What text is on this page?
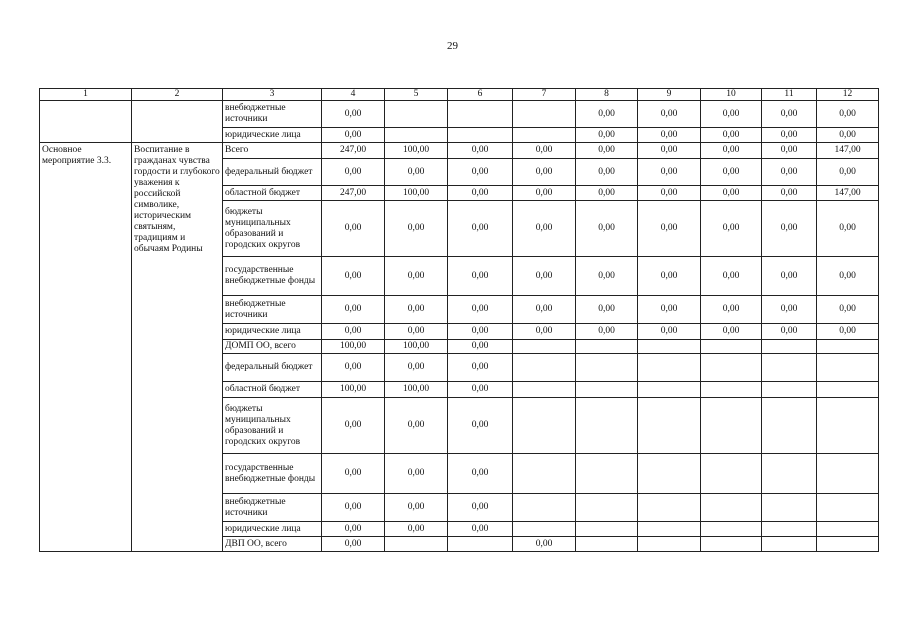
29
1	2	3	4	5	6	7	8	9	10	11	12
		внебюджетные источники	0,00				0,00	0,00	0,00	0,00	0,00
		юридические лица	0,00				0,00	0,00	0,00	0,00	0,00
Основное мероприятие 3.3.	Воспитание в гражданах чувства гордости и глубокого уважения к российской символике, историческим святыням, традициям и обычаям Родины	Всего	247,00	100,00	0,00	0,00	0,00	0,00	0,00	0,00	147,00
		федеральный бюджет	0,00	0,00	0,00	0,00	0,00	0,00	0,00	0,00	0,00
		областной бюджет	247,00	100,00	0,00	0,00	0,00	0,00	0,00	0,00	147,00
		бюджеты муниципальных образований и городских округов	0,00	0,00	0,00	0,00	0,00	0,00	0,00	0,00	0,00
		государственные внебюджетные фонды	0,00	0,00	0,00	0,00	0,00	0,00	0,00	0,00	0,00
		внебюджетные источники	0,00	0,00	0,00	0,00	0,00	0,00	0,00	0,00	0,00
		юридические лица	0,00	0,00	0,00	0,00	0,00	0,00	0,00	0,00	0,00
		ДОМП ОО, всего	100,00	100,00	0,00						
		федеральный бюджет	0,00	0,00	0,00						
		областной бюджет	100,00	100,00	0,00						
		бюджеты муниципальных образований и городских округов	0,00	0,00	0,00						
		государственные внебюджетные фонды	0,00	0,00	0,00						
		внебюджетные источники	0,00	0,00	0,00						
		юридические лица	0,00	0,00	0,00						
		ДВП ОО, всего	0,00			0,00					
